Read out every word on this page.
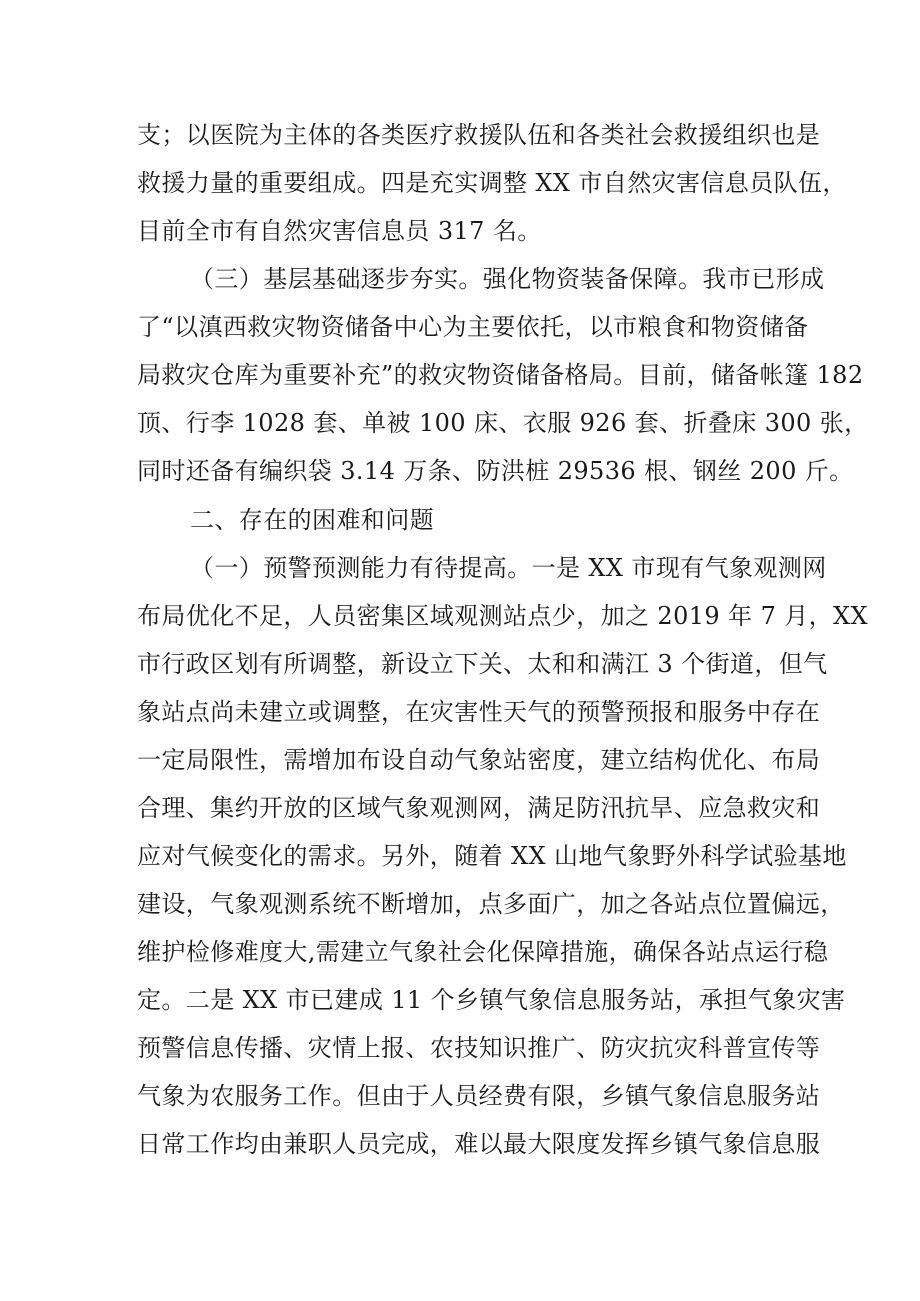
支；以医院为主体的各类医疗救援队伍和各类社会救援组织也是
救援力量的重要组成。四是充实调整 XX 市自然灾害信息员队伍，
目前全市有自然灾害信息员 317 名。
（三）基层基础逐步夯实。强化物资装备保障。我市已形成
了“以滇西救灾物资储备中心为主要依托，以市粮食和物资储备
局救灾仓库为重要补充”的救灾物资储备格局。目前，储备帐篷 182
顶、行李 1028 套、单被 100 床、衣服 926 套、折叠床 300 张，
同时还备有编织袋 3.14 万条、防洪桩 29536 根、钢丝 200 斤。
二、存在的困难和问题
（一）预警预测能力有待提高。一是 XX 市现有气象观测网
布局优化不足，人员密集区域观测站点少，加之 2019 年 7 月，XX
市行政区划有所调整，新设立下关、太和和满江 3 个街道，但气
象站点尚未建立或调整，在灾害性天气的预警预报和服务中存在
一定局限性，需增加布设自动气象站密度，建立结构优化、布局
合理、集约开放的区域气象观测网，满足防汛抗旱、应急救灾和
应对气候变化的需求。另外，随着 XX 山地气象野外科学试验基地
建设，气象观测系统不断增加，点多面广，加之各站点位置偏远，
维护检修难度大,需建立气象社会化保障措施，确保各站点运行稳
定。二是 XX 市已建成 11 个乡镇气象信息服务站，承担气象灾害
预警信息传播、灾情上报、农技知识推广、防灾抗灾科普宣传等
气象为农服务工作。但由于人员经费有限，乡镇气象信息服务站
日常工作均由兼职人员完成，难以最大限度发挥乡镇气象信息服
